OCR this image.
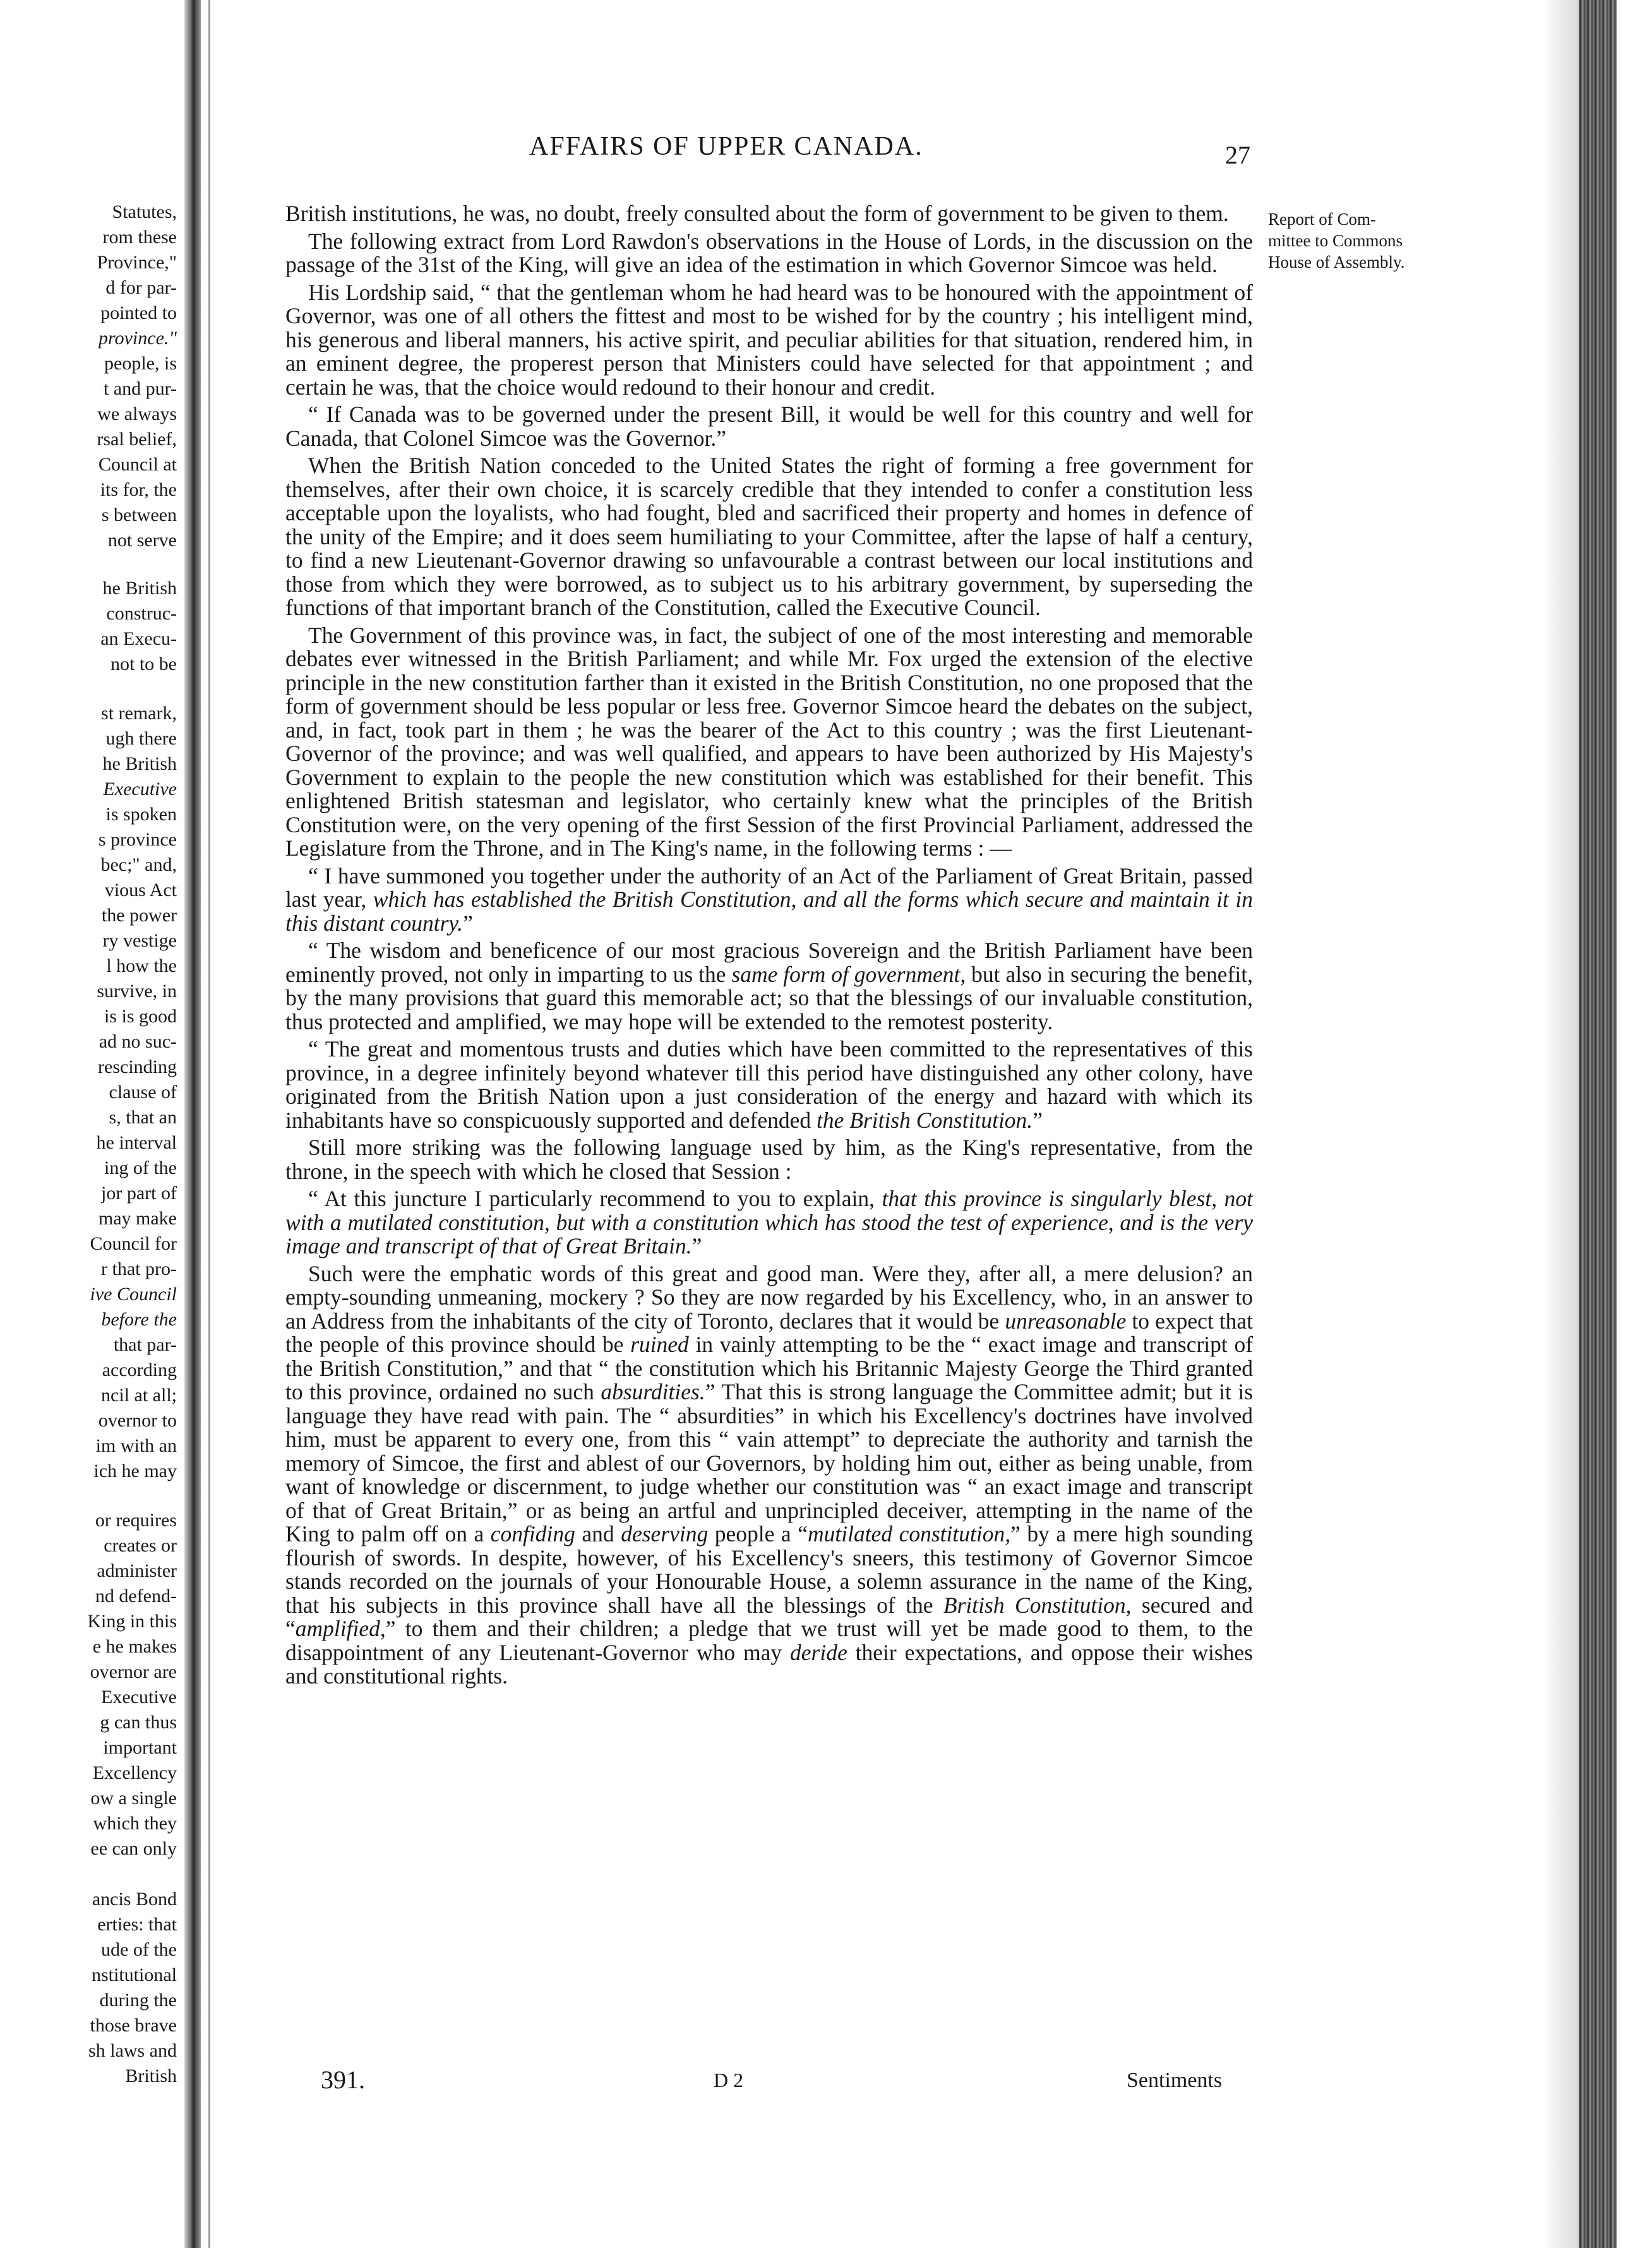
Statutes,

rom these

Province,"

d for par-

pointed to

province."

people, is

t and pur-

we always

rsal belief,

Council at

its for, the

s between

not serve

he British

construc-

an Execu-

not to be

st remark,

ugh there

he British

Executive

is spoken

s province

bec;" and,

vious Act

the power

ry vestige

l how the

survive, in

is is good

ad no suc-

rescinding

clause of

s, that an

he interval

ing of the

jor part of

may make

Council for

r that pro-

ive Council

before the

that par-

according

ncil at all;

overnor to

im with an

ich he may

or requires

creates or

administer

nd defend-

King in this

e he makes

overnor are

Executive

g can thus

important

Excellency

ow a single

which they

ee can only

ancis Bond

erties: that

ude of the

nstitutional

during the

those brave

sh laws and

British

AFFAIRS OF UPPER CANADA.	27

Report of Com-
mittee to Commons
House of Assembly.

British institutions, he was, no doubt, freely consulted about the form of government to be given to them.

The following extract from Lord Rawdon's observations in the House of Lords, in the discussion on the passage of the 31st of the King, will give an idea of the estimation in which Governor Simcoe was held.

His Lordship said, “ that the gentleman whom he had heard was to be honoured with the appointment of Governor, was one of all others the fittest and most to be wished for by the country ; his intelligent mind, his generous and liberal manners, his active spirit, and peculiar abilities for that situation, rendered him, in an eminent degree, the properest person that Ministers could have selected for that appointment ; and certain he was, that the choice would redound to their honour and credit.

“ If Canada was to be governed under the present Bill, it would be well for this country and well for Canada, that Colonel Simcoe was the Governor.”

When the British Nation conceded to the United States the right of forming a free government for themselves, after their own choice, it is scarcely credible that they intended to confer a constitution less acceptable upon the loyalists, who had fought, bled and sacrificed their property and homes in defence of the unity of the Empire; and it does seem humiliating to your Committee, after the lapse of half a century, to find a new Lieutenant-Governor drawing so unfavourable a contrast between our local institutions and those from which they were borrowed, as to subject us to his arbitrary government, by superseding the functions of that important branch of the Constitution, called the Executive Council.

The Government of this province was, in fact, the subject of one of the most interesting and memorable debates ever witnessed in the British Parliament; and while Mr. Fox urged the extension of the elective principle in the new constitution farther than it existed in the British Constitution, no one proposed that the form of government should be less popular or less free. Governor Simcoe heard the debates on the subject, and, in fact, took part in them ; he was the bearer of the Act to this country ; was the first Lieutenant-Governor of the province; and was well qualified, and appears to have been authorized by His Majesty's Government to explain to the people the new constitution which was established for their benefit. This enlightened British statesman and legislator, who certainly knew what the principles of the British Constitution were, on the very opening of the first Session of the first Provincial Parliament, addressed the Legislature from the Throne, and in The King's name, in the following terms : —

“ I have summoned you together under the authority of an Act of the Parliament of Great Britain, passed last year, which has established the British Constitution, and all the forms which secure and maintain it in this distant country.”

“ The wisdom and beneficence of our most gracious Sovereign and the British Parliament have been eminently proved, not only in imparting to us the same form of government, but also in securing the benefit, by the many provisions that guard this memorable act; so that the blessings of our invaluable constitution, thus protected and amplified, we may hope will be extended to the remotest posterity.

“ The great and momentous trusts and duties which have been committed to the representatives of this province, in a degree infinitely beyond whatever till this period have distinguished any other colony, have originated from the British Nation upon a just consideration of the energy and hazard with which its inhabitants have so conspicuously supported and defended the British Constitution.”

Still more striking was the following language used by him, as the King's representative, from the throne, in the speech with which he closed that Session :

“ At this juncture I particularly recommend to you to explain, that this province is singularly blest, not with a mutilated constitution, but with a constitution which has stood the test of experience, and is the very image and transcript of that of Great Britain.”

Such were the emphatic words of this great and good man. Were they, after all, a mere delusion? an empty-sounding unmeaning, mockery ? So they are now regarded by his Excellency, who, in an answer to an Address from the inhabitants of the city of Toronto, declares that it would be unreasonable to expect that the people of this province should be ruined in vainly attempting to be the “ exact image and transcript of the British Constitution,” and that “ the constitution which his Britannic Majesty George the Third granted to this province, ordained no such absurdities.” That this is strong language the Committee admit; but it is language they have read with pain. The “ absurdities” in which his Excellency's doctrines have involved him, must be apparent to every one, from this “ vain attempt” to depreciate the authority and tarnish the memory of Simcoe, the first and ablest of our Governors, by holding him out, either as being unable, from want of knowledge or discernment, to judge whether our constitution was “ an exact image and transcript of that of Great Britain,” or as being an artful and unprincipled deceiver, attempting in the name of the King to palm off on a confiding and deserving people a “mutilated constitution,” by a mere high sounding flourish of swords. In despite, however, of his Excellency's sneers, this testimony of Governor Simcoe stands recorded on the journals of your Honourable House, a solemn assurance in the name of the King, that his subjects in this province shall have all the blessings of the British Constitution, secured and “amplified,” to them and their children; a pledge that we trust will yet be made good to them, to the disappointment of any Lieutenant-Governor who may deride their expectations, and oppose their wishes and constitutional rights.

391.	D 2	Sentiments
